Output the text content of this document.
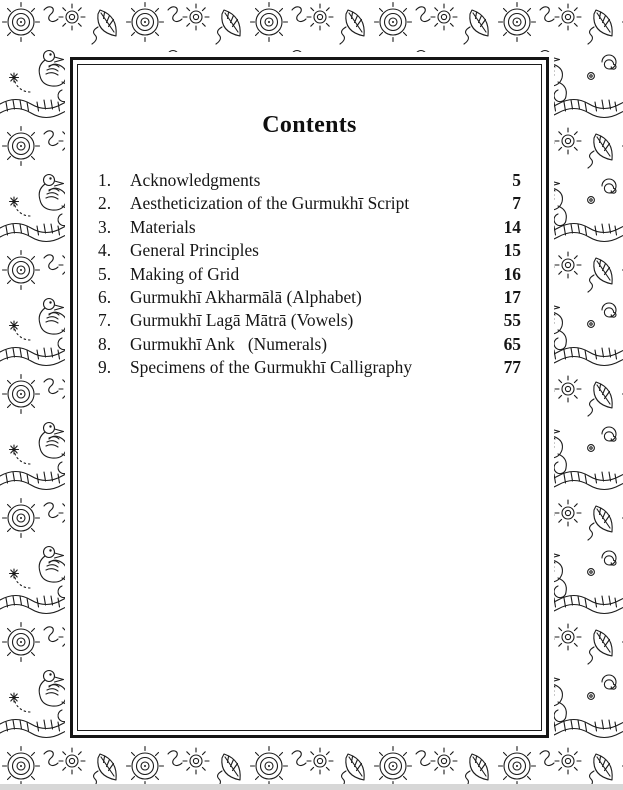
Contents
1.	Acknowledgments	5
2.	Aestheticization of the Gurmukhī Script	7
3.	Materials	14
4.	General Principles	15
5.	Making of Grid	16
6.	Gurmukhī Akharmālā (Alphabet)	17
7.	Gurmukhī Lagā Mātrā (Vowels)	55
8.	Gurmukhī Ank   (Numerals)	65
9.	Specimens of the Gurmukhī Calligraphy	77
